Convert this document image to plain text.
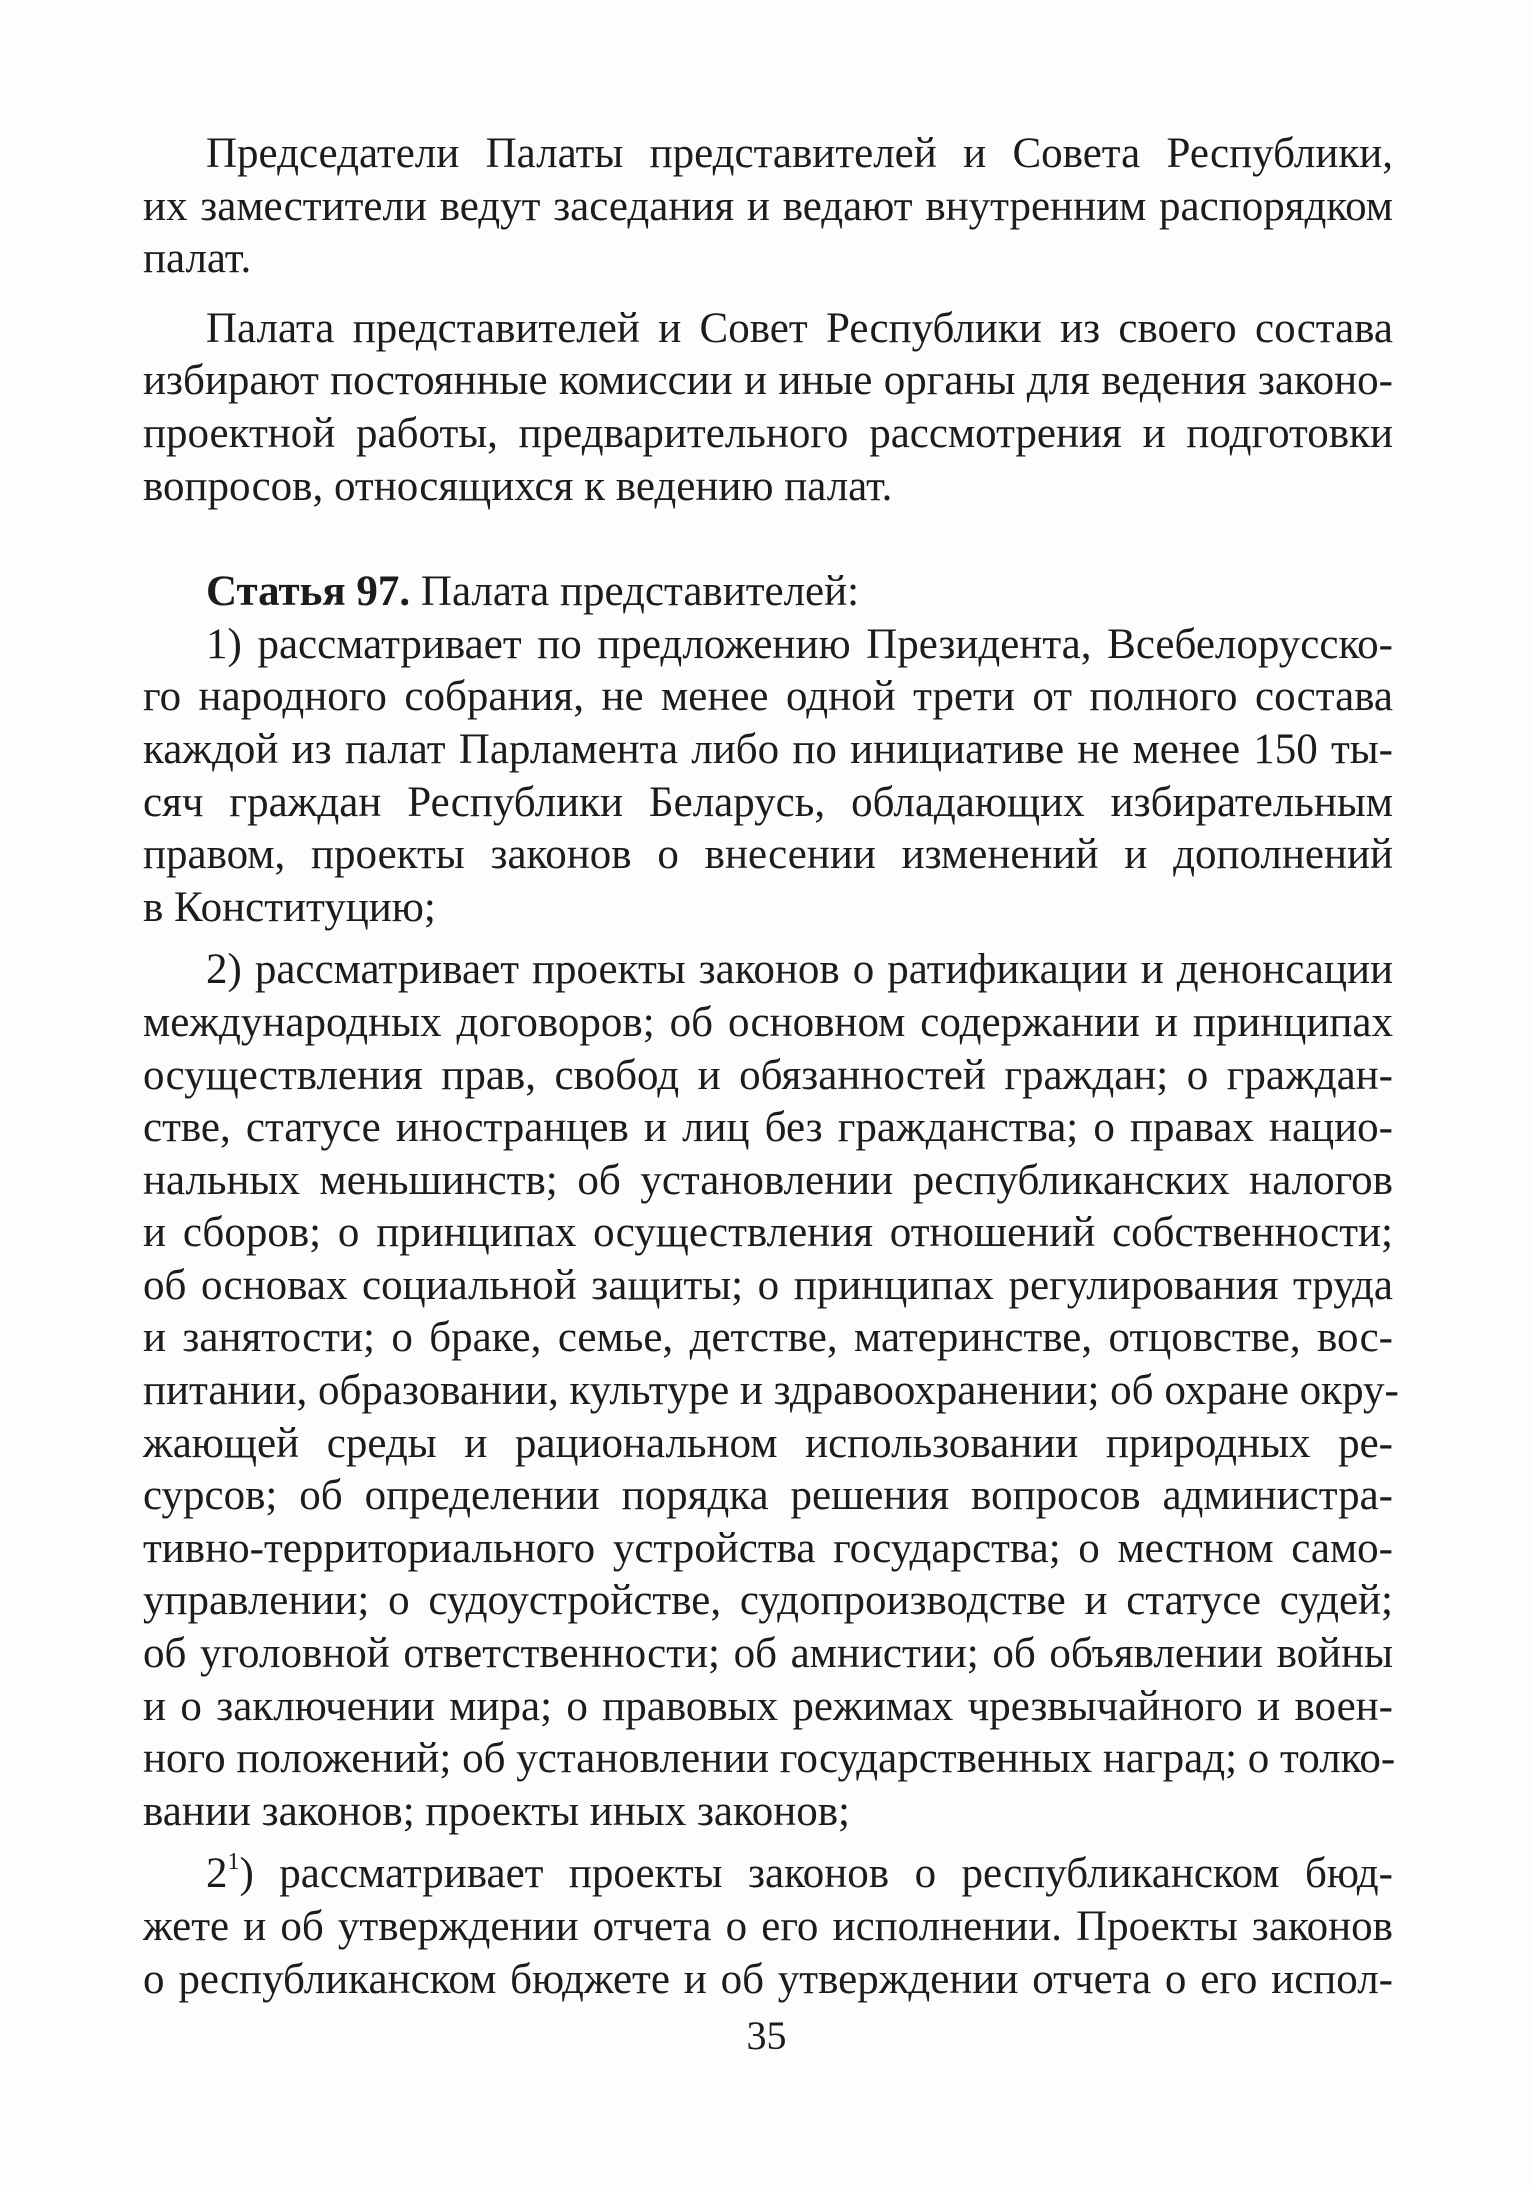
Председатели Палаты представителей и Совета Республики,
их заместители ведут заседания и ведают внутренним распорядком
палат.
Палата представителей и Совет Республики из своего состава
избирают постоянные комиссии и иные органы для ведения законо-
проектной работы, предварительного рассмотрения и подготовки
вопросов, относящихся к ведению палат.
Статья 97. Палата представителей:
1) рассматривает по предложению Президента, Всебелорусско-
го народного собрания, не менее одной трети от полного состава
каждой из палат Парламента либо по инициативе не менее 150 ты-
сяч граждан Республики Беларусь, обладающих избирательным
правом, проекты законов о внесении изменений и дополнений
в Конституцию;
2) рассматривает проекты законов о ратификации и денонсации
международных договоров; об основном содержании и принципах
осуществления прав, свобод и обязанностей граждан; о граждан-
стве, статусе иностранцев и лиц без гражданства; о правах нацио-
нальных меньшинств; об установлении республиканских налогов
и сборов; о принципах осуществления отношений собственности;
об основах социальной защиты; о принципах регулирования труда
и занятости; о браке, семье, детстве, материнстве, отцовстве, вос-
питании, образовании, культуре и здравоохранении; об охране окру-
жающей среды и рациональном использовании природных ре-
сурсов; об определении порядка решения вопросов администра-
тивно-территориального устройства государства; о местном само-
управлении; о судоустройстве, судопроизводстве и статусе судей;
об уголовной ответственности; об амнистии; об объявлении войны
и о заключении мира; о правовых режимах чрезвычайного и воен-
ного положений; об установлении государственных наград; о толко-
вании законов; проекты иных законов;
$2^1$) рассматривает проекты законов о республиканском бюд-
жете и об утверждении отчета о его исполнении. Проекты законов
о республиканском бюджете и об утверждении отчета о его испол-
35
